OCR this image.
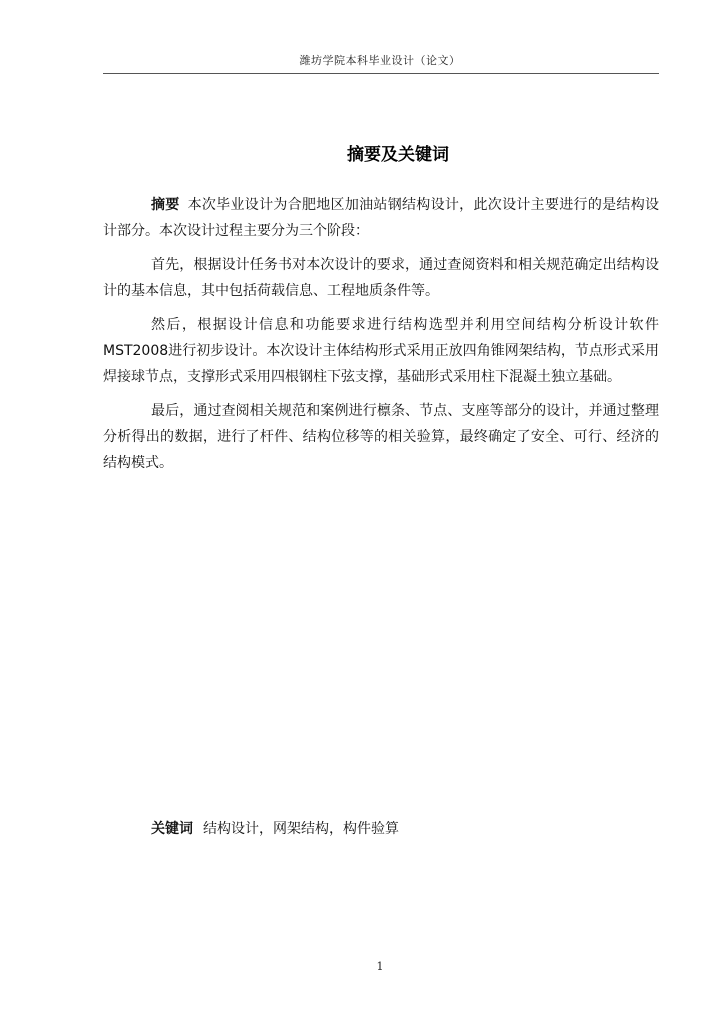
潍坊学院本科毕业设计（论文）
摘要及关键词

摘要 本次毕业设计为合肥地区加油站钢结构设计，此次设计主要进行的是结构设计部分。本次设计过程主要分为三个阶段：

首先，根据设计任务书对本次设计的要求，通过查阅资料和相关规范确定出结构设计的基本信息，其中包括荷载信息、工程地质条件等。

然后，根据设计信息和功能要求进行结构选型并利用空间结构分析设计软件MST2008进行初步设计。本次设计主体结构形式采用正放四角锥网架结构，节点形式采用焊接球节点，支撑形式采用四根钢柱下弦支撑，基础形式采用柱下混凝土独立基础。

最后，通过查阅相关规范和案例进行檩条、节点、支座等部分的设计，并通过整理分析得出的数据，进行了杆件、结构位移等的相关验算，最终确定了安全、可行、经济的结构模式。

关键词 结构设计，网架结构，构件验算
1
